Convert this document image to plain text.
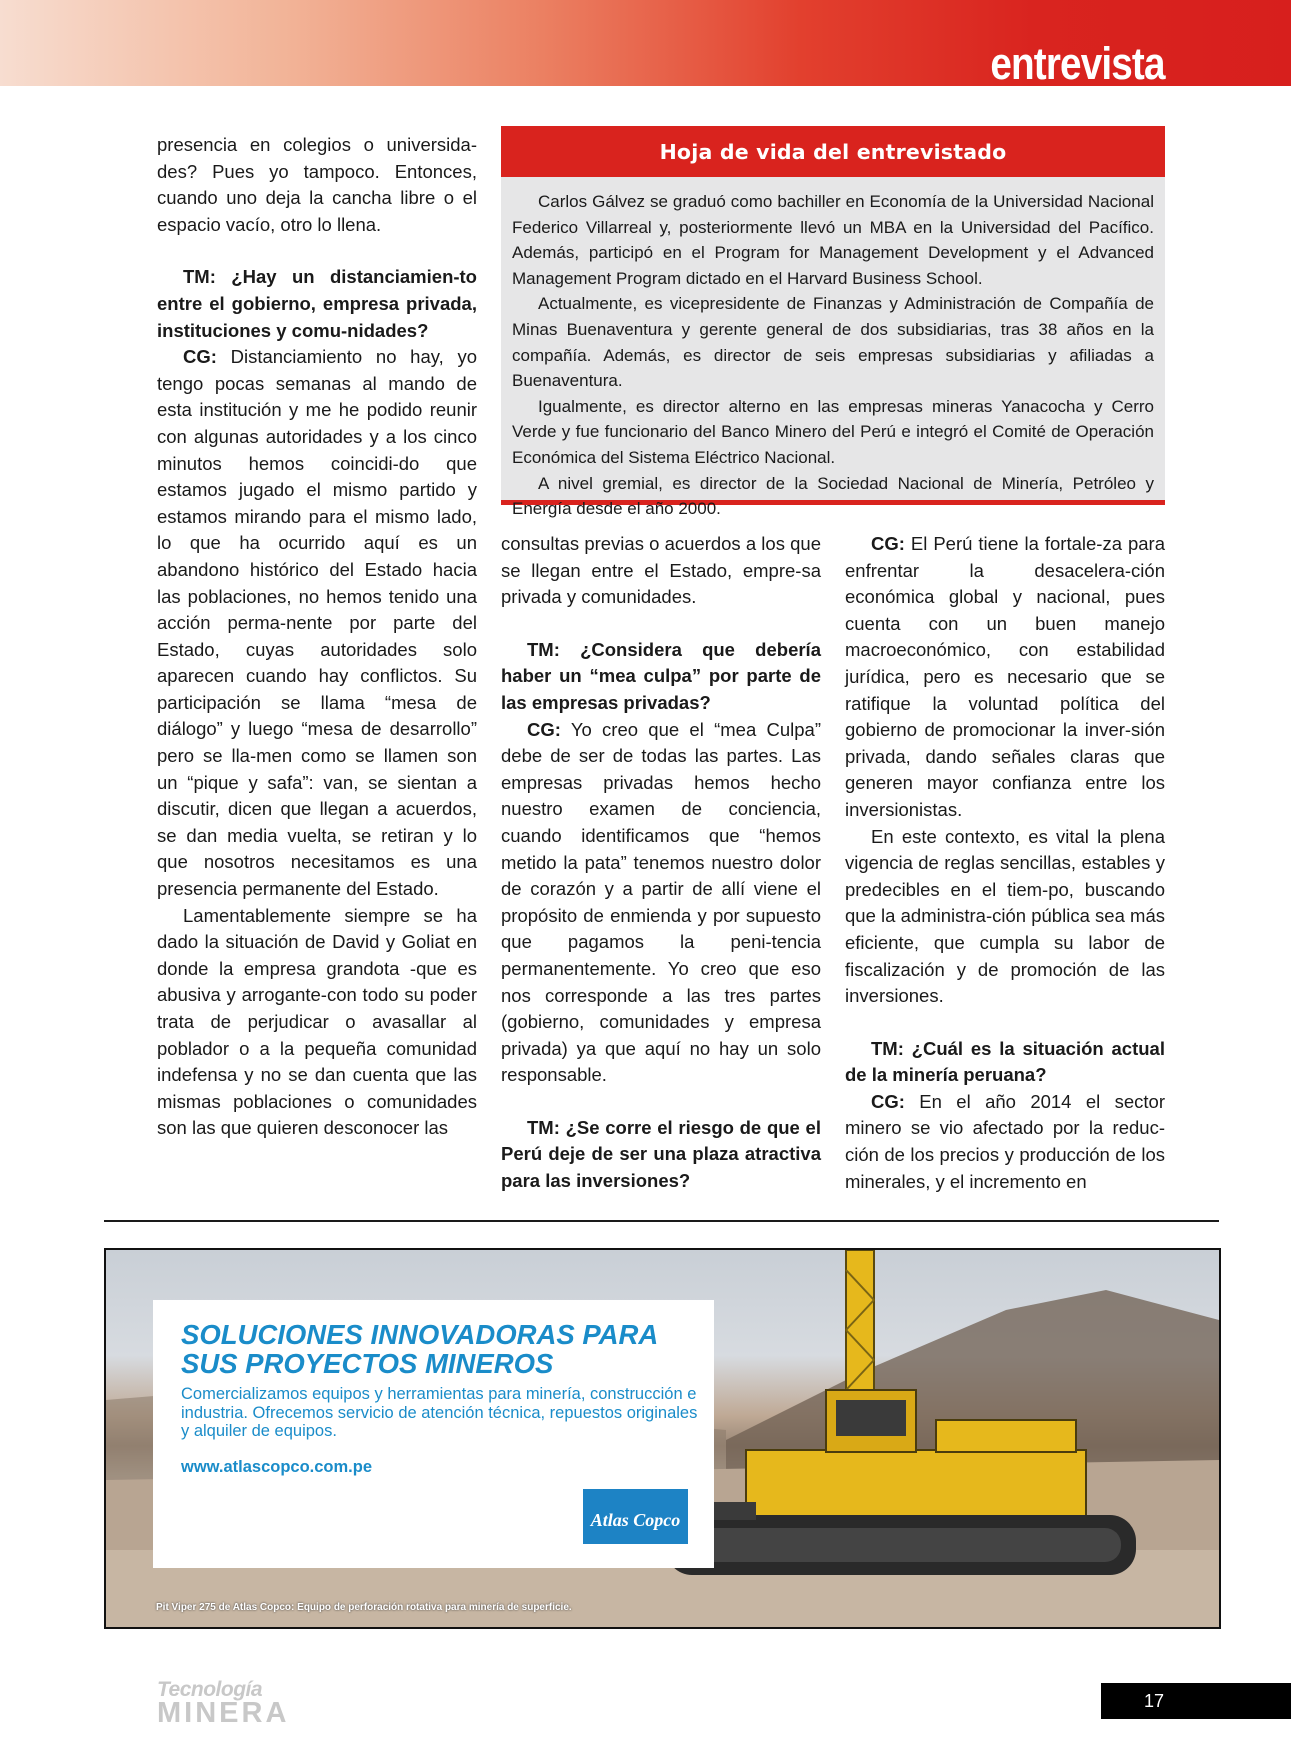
entrevista

presencia en colegios o universida-des? Pues yo tampoco. Entonces, cuando uno deja la cancha libre o el espacio vacío, otro lo llena.

TM: ¿Hay un distanciamien-to entre el gobierno, empresa privada, instituciones y comu-nidades?

CG: Distanciamiento no hay, yo tengo pocas semanas al mando de esta institución y me he podido reunir con algunas autoridades y a los cinco minutos hemos coincidi-do que estamos jugado el mismo partido y estamos mirando para el mismo lado, lo que ha ocurrido aquí es un abandono histórico del Estado hacia las poblaciones, no hemos tenido una acción perma-nente por parte del Estado, cuyas autoridades solo aparecen cuando hay conflictos. Su participación se llama “mesa de diálogo” y luego “mesa de desarrollo” pero se lla-men como se llamen son un “pique y safa”: van, se sientan a discutir, dicen que llegan a acuerdos, se dan media vuelta, se retiran y lo que nosotros necesitamos es una presencia permanente del Estado.

Lamentablemente siempre se ha dado la situación de David y Goliat en donde la empresa grandota -que es abusiva y arrogante-con todo su poder trata de perjudicar o avasallar al poblador o a la pequeña comunidad indefensa y no se dan cuenta que las mismas poblaciones o comunidades son las que quieren desconocer las

Hoja de vida del entrevistado

Carlos Gálvez se graduó como bachiller en Economía de la Universidad Nacional Federico Villarreal y, posteriormente llevó un MBA en la Universidad del Pacífico. Además, participó en el Program for Management Development y el Advanced Management Program dictado en el Harvard Business School.

Actualmente, es vicepresidente de Finanzas y Administración de Compañía de Minas Buenaventura y gerente general de dos subsidiarias, tras 38 años en la compañía. Además, es director de seis empresas subsidiarias y afiliadas a Buenaventura.

Igualmente, es director alterno en las empresas mineras Yanacocha y Cerro Verde y fue funcionario del Banco Minero del Perú e integró el Comité de Operación Económica del Sistema Eléctrico Nacional.

A nivel gremial, es director de la Sociedad Nacional de Minería, Petróleo y Energía desde el año 2000.

consultas previas o acuerdos a los que se llegan entre el Estado, empre-sa privada y comunidades.

TM: ¿Considera que debería haber un “mea culpa” por parte de las empresas privadas?

CG: Yo creo que el “mea Culpa” debe de ser de todas las partes. Las empresas privadas hemos hecho nuestro examen de conciencia, cuando identificamos que “hemos metido la pata” tenemos nuestro dolor de corazón y a partir de allí viene el propósito de enmienda y por supuesto que pagamos la peni-tencia permanentemente. Yo creo que eso nos corresponde a las tres partes (gobierno, comunidades y empresa privada) ya que aquí no hay un solo responsable.

TM: ¿Se corre el riesgo de que el Perú deje de ser una plaza atractiva para las inversiones?

CG: El Perú tiene la fortale-za para enfrentar la desacelera-ción económica global y nacional, pues cuenta con un buen manejo macroeconómico, con estabilidad jurídica, pero es necesario que se ratifique la voluntad política del gobierno de promocionar la inver-sión privada, dando señales claras que generen mayor confianza entre los inversionistas.

En este contexto, es vital la plena vigencia de reglas sencillas, estables y predecibles en el tiem-po, buscando que la administra-ción pública sea más eficiente, que cumpla su labor de fiscalización y de promoción de las inversiones.

TM: ¿Cuál es la situación actual de la minería peruana?

CG: En el año 2014 el sector minero se vio afectado por la reduc-ción de los precios y producción de los minerales, y el incremento en

SOLUCIONES INNOVADORAS PARA
SUS PROYECTOS MINEROS

Comercializamos equipos y herramientas para minería, construcción e industria. Ofrecemos servicio de atención técnica, repuestos originales y alquiler de equipos.

www.atlascopco.com.pe
Atlas Copco
Pit Viper 275 de Atlas Copco: Equipo de perforación rotativa para minería de superficie.
Tecnología
MINERA	17
